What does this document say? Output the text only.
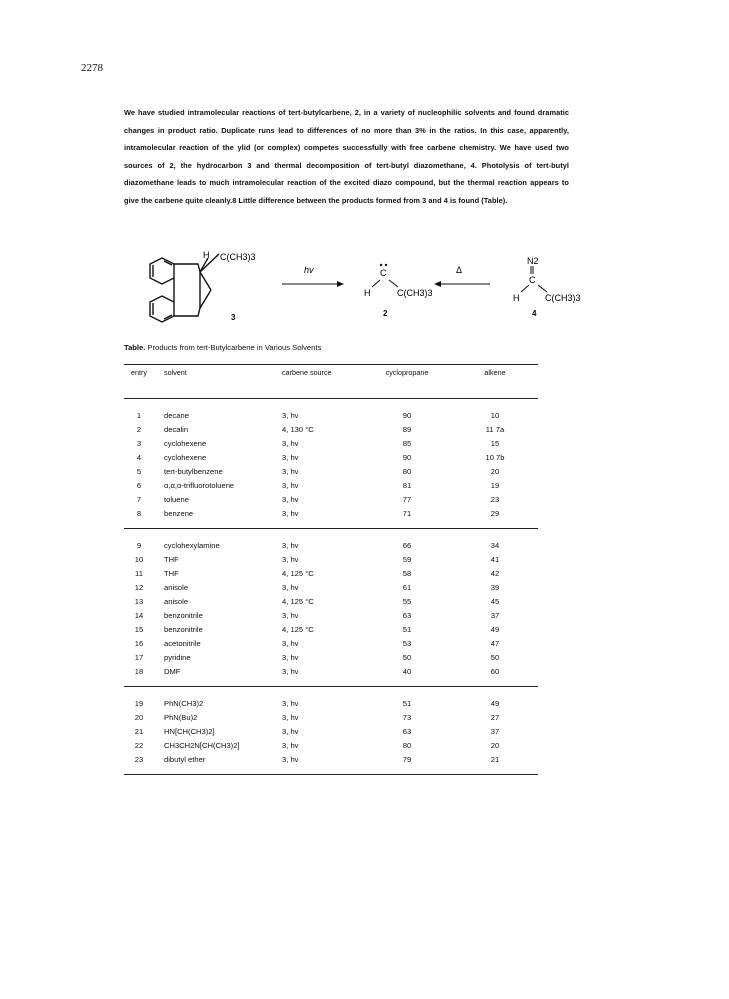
2278

We have studied intramolecular reactions of tert-butylcarbene, 2, in a variety of nucleophilic solvents and found dramatic changes in product ratio. Duplicate runs lead to differences of no more than 3% in the ratios. In this case, apparently, intramolecular reaction of the ylid (or complex) competes successfully with free carbene chemistry. We have used two sources of 2, the hydrocarbon 3 and thermal decomposition of tert-butyl diazomethane, 4. Photolysis of tert-butyl diazomethane leads to much intramolecular reaction of the excited diazo compound, but the thermal reaction appears to give the carbene quite cleanly.8 Little difference between the products formed from 3 and 4 is found (Table).

H C(CH3)3
3
hv	C
H	C(CH3)3
2
Δ
N2
C
H	C(CH3)3
4
Table. Products from tert-Butylcarbene in Various Solvents
entry	solvent	carbene source	cyclopropane	alkene
1	decane	3, hv	90	10
2	decalin	4, 130 °C	89	11 7a
3	cyclohexene	3, hv	85	15
4	cyclohexene	3, hv	90	10 7b
5	tert-butylbenzene	3, hv	80	20
6	α,α,α-trifluorotoluene	3, hv	81	19
7	toluene	3, hv	77	23
8	benzene	3, hv	71	29
9	cyclohexylamine	3, hv	66	34
10	THF	3, hv	59	41
11	THF	4, 125 °C	58	42
12	anisole	3, hv	61	39
13	anisole	4, 125 °C	55	45
14	benzonitrile	3, hv	63	37
15	benzonitrile	4, 125 °C	51	49
16	acetonitrile	3, hv	53	47
17	pyridine	3, hv	50	50
18	DMF	3, hv	40	60
19	PhN(CH3)2	3, hv	51	49
20	PhN(Bu)2	3, hv	73	27
21	HN[CH(CH3)2]	3, hv	63	37
22	CH3CH2N[CH(CH3)2]	3, hv	80	20
23	dibutyl ether	3, hv	79	21
